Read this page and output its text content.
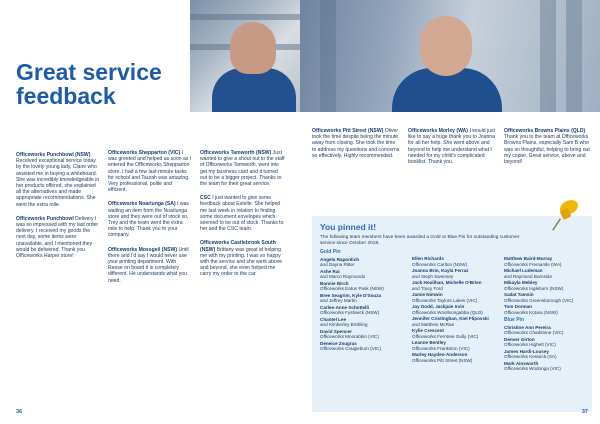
Great service
feedback
Officeworks Punchbowl (NSW) Received exceptional service today by the lovely young lady, Claire who assisted me in buying a whiteboard. She was incredibly knowledgeable in her products offered, she explained all the alternatives and made appropriate recommendations. She went the extra mile.
Officeworks Punchbowl Delivery I was so impressed with my last order delivery. I received my goods the next day, some items were unavailable, and I mentioned they would be delivered. Thank you Officeworks Harper store!
Officeworks Shepparton (VIC) I was greeted and helped as soon as I entered the Officeworks Shepparton store. I had a few last-minute tasks for school and Taurah was amazing. Very professional, polite and efficient.
Officeworks Noarlunga (SA) I was waiting an item from the Noarlunga store and they were out of stock so, Trey and the team went the extra mile to help. Thank you to your company.
Officeworks Mossgeil (NSW) Until there and I'd say I would never use your printing department. With Reese on board it is completely different. He understands what you need.
Officeworks Tamworth (NSW) Just wanted to give a shout out to the staff of Officeworks Tamworth, went into get my business card and it turned out to be a bigger project. Thanks to the team for their great service.
CSC I just wanted to give some feedback about Estelle. She helped me last week in relation to finding some document envelopes which seemed to be out of stock. Thanks to her and the CSC team.
Officeworks Castlebrook South (NSW) Brittany was great at helping me with my printing. I was so happy with the service and she went above and beyond, she even helped me carry my order to the car.
36
Officeworks Pitt Street (NSW) Oliver took the time despite being the minute away from closing. She took the time to address my questions and concerns so effectively. Highly recommended.
Officeworks Morley (WA) I would just like to say a huge thank you to Joanna for all her help. She went above and beyond to help me understand what I needed for my child's complicated booklist. Thank you.
Officeworks Browns Plains (QLD) Thank you to the team at Officeworks Browns Plains, especially Sam B who was so thoughtful, helping to bring out my copier. Great service, above and beyond!
You pinned it!
The following team members have been awarded a Gold or Blue Pin for outstanding customer service since October 2018.
Gold Pin
Angela Rapontich
and Dayna Ritter
Ashe Rai
and Marco Raymundo
Bonnie Birch
Officeworks Eaton Pask (NSW)
Bree Seagrim, Kyle D'Souza
and Jeffrey Martin
Carlee-Anne Schottelli
Officeworks Fyshwick (NSW)
Chantel Lee
and Kimberley Bröhling
David Spencer
Officeworks Moorabbin (VIC)
Deneice Zsugras
Officeworks Craigieburn (VIC)
Ellen Richards
Officeworks Carlton (NSW)
Joanna Brin, Kayla Ferraz
and Steph Sweeney
Jack Houlihan, Michelle O'Brien
and Tracy Ford
Jamie Nimwin
Officeworks Taylors Lakes (VIC)
Jay Dodd, Jackjuie Irvin
Officeworks Woolloongabba (QLD)
Jennifer Cristinghan, Kiel Flipovski
and Matthew McRae
Kylie Crescent
Officeworks Ferntree Gully (VIC)
Leanne Bentley
Officeworks Frankston (VIC)
Marley Hayden-Anderson
Officeworks Pitt Street (NSW)
Matthew Baird-Murray
Officeworks Fremantle (WA)
Michael Ludeman
and Raymond Burnside
Mikayla Mebley
Officeworks Ingleburn (NSW)
Sadat Tamsin
Officeworks Greensborough (VIC)
Tom Dorman
Officeworks Kotara (NSW)
Blue Pin
Christine Ann Pereira
Officeworks Chadstone (VIC)
Denver Girton
Officeworks Highett (VIC)
James Hardi-Lousey
Officeworks Keswick (SA)
Mark Ainsworth
Officeworks Wodonga (VIC)
37
